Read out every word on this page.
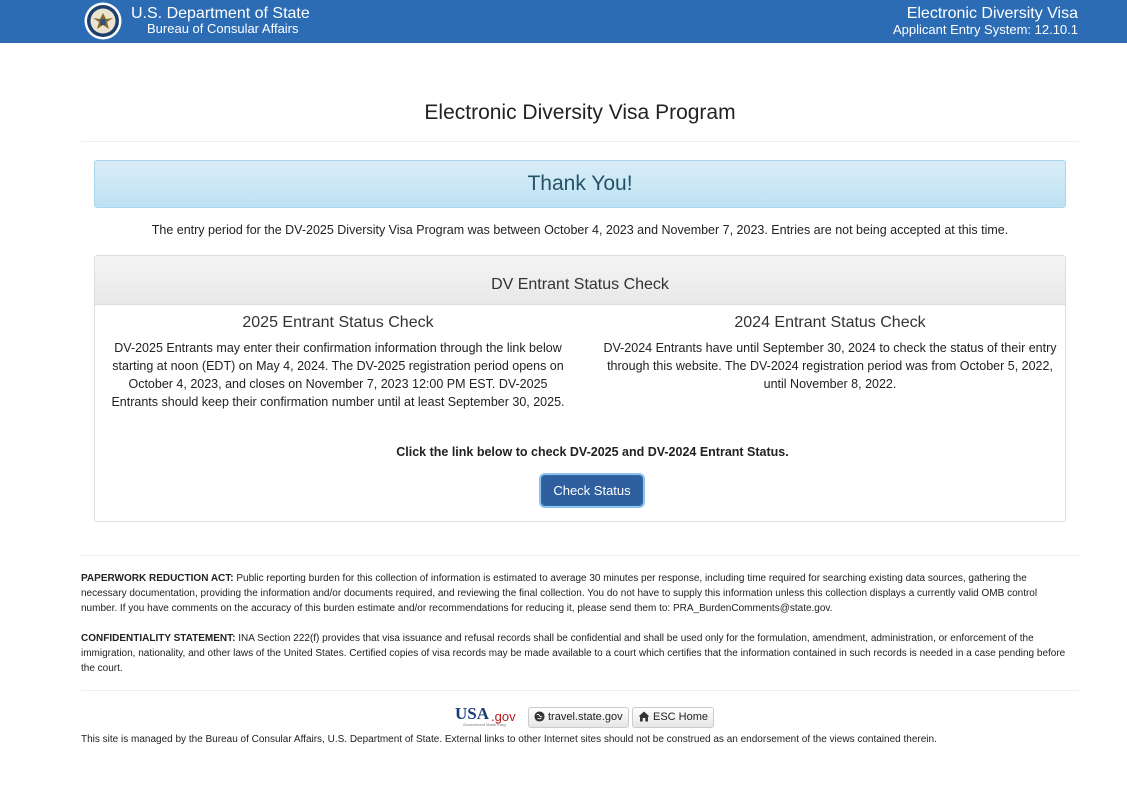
U.S. Department of State
Bureau of Consular Affairs
Electronic Diversity Visa
Applicant Entry System: 12.10.1
Electronic Diversity Visa Program
Thank You!
The entry period for the DV-2025 Diversity Visa Program was between October 4, 2023 and November 7, 2023. Entries are not being accepted at this time.
DV Entrant Status Check
2025 Entrant Status Check

DV-2025 Entrants may enter their confirmation information through the link below starting at noon (EDT) on May 4, 2024. The DV-2025 registration period opens on October 4, 2023, and closes on November 7, 2023 12:00 PM EST. DV-2025 Entrants should keep their confirmation number until at least September 30, 2025.

2024 Entrant Status Check

DV-2024 Entrants have until September 30, 2024 to check the status of their entry through this website. The DV-2024 registration period was from October 5, 2022, until November 8, 2022.

Click the link below to check DV-2025 and DV-2024 Entrant Status.
Check Status
PAPERWORK REDUCTION ACT: Public reporting burden for this collection of information is estimated to average 30 minutes per response, including time required for searching existing data sources, gathering the necessary documentation, providing the information and/or documents required, and reviewing the final collection. You do not have to supply this information unless this collection displays a currently valid OMB control number. If you have comments on the accuracy of this burden estimate and/or recommendations for reducing it, please send them to: PRA_BurdenComments@state.gov.
CONFIDENTIALITY STATEMENT: INA Section 222(f) provides that visa issuance and refusal records shall be confidential and shall be used only for the formulation, amendment, administration, or enforcement of the immigration, nationality, and other laws of the United States. Certified copies of visa records may be made available to a court which certifies that the information contained in such records is needed in a case pending before the court.
USA .gov
Government Made Easy
travel.state.gov	ESC Home
This site is managed by the Bureau of Consular Affairs, U.S. Department of State. External links to other Internet sites should not be construed as an endorsement of the views contained therein.
